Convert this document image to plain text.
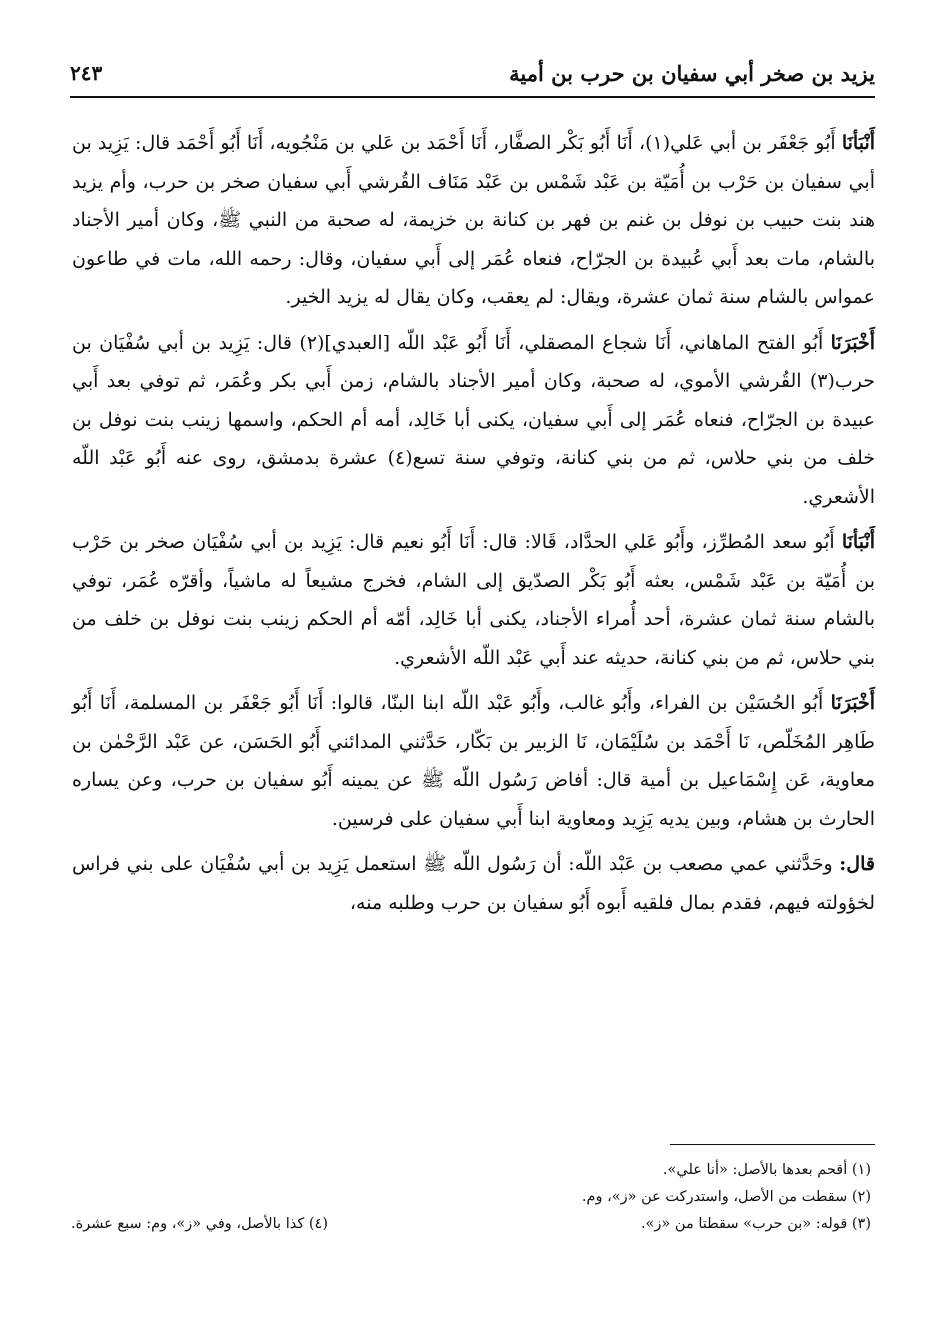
يزيد بن صخر أبي سفيان بن حرب بن أمية
٢٤٣

أَنْبَأنَاأَبُو جَعْفَر بن أبي عَلي(١)، أَنَا أَبُو بَكْر الصفَّار، أَنَا أَحْمَد بن عَلي بن مَنْجُويه، أَنَا أَبُو أَحْمَد قال: يَزِيد بن أبي سفيان بن حَرْب بن أُمَيّة بن عَبْد شَمْس بن عَبْد مَنَاف القُرشي أَبي سفيان صخر بن حرب، وأم يزيد هند بنت حبيب بن نوفل بن غنم بن فهر بن كنانة بن خزيمة، له صحبة من النبي ﷺ، وكان أمير الأجناد بالشام، مات بعد أَبي عُبيدة بن الجرّاح، فنعاه عُمَر إلى أَبي سفيان، وقال: رحمه الله، مات في طاعون عمواس بالشام سنة ثمان عشرة، ويقال: لم يعقب، وكان يقال له يزيد الخير.

أَخْبَرَنَاأَبُو الفتح الماهاني، أَنَا شجاع المصقلي، أَنَا أَبُو عَبْد اللّه [العبدي](٢) قال: يَزِيد بن أبي سُفْيَان بن حرب(٣) القُرشي الأموي، له صحبة، وكان أمير الأجناد بالشام، زمن أَبي بكر وعُمَر، ثم توفي بعد أَبي عبيدة بن الجرّاح، فنعاه عُمَر إلى أَبي سفيان، يكنى أبا خَالِد، أمه أم الحكم، واسمها زينب بنت نوفل بن خلف من بني حلاس، ثم من بني كنانة، وتوفي سنة تسع(٤) عشرة بدمشق، روى عنه أَبُو عَبْد اللّه الأشعري.

أَنْبَأنَاأَبُو سعد المُطرِّز، وأَبُو عَلي الحدَّاد، قَالا: قال: أَنَا أَبُو نعيم قال: يَزِيد بن أبي سُفْيَان صخر بن حَرْب بن أُمَيّة بن عَبْد شَمْس، بعثه أَبُو بَكْر الصدّيق إلى الشام، فخرج مشيعاً له ماشياً، وأقرّه عُمَر، توفي بالشام سنة ثمان عشرة، أحد أُمراء الأجناد، يكنى أبا خَالِد، أمّه أم الحكم زينب بنت نوفل بن خلف من بني حلاس، ثم من بني كنانة، حديثه عند أَبي عَبْد اللّه الأشعري.

أَخْبَرَنَاأَبُو الحُسَيْن بن الفراء، وأَبُو غالب، وأَبُو عَبْد اللّه ابنا البنّا، قالوا: أَنَا أَبُو جَعْفَر بن المسلمة، أَنَا أَبُو طَاهِر المُخَلّص، نَا أَحْمَد بن سُلَيْمَان، نَا الزبير بن بَكّار، حَدَّثني المدائني أَبُو الحَسَن، عن عَبْد الرَّحْمٰن بن معاوية، عَن إِسْمَاعيل بن أمية قال: أفاض رَسُول اللّه ﷺ عن يمينه أَبُو سفيان بن حرب، وعن يساره الحارث بن هشام، وبين يديه يَزِيد ومعاوية ابنا أَبي سفيان على فرسين.

قال:وحَدَّثني عمي مصعب بن عَبْد اللّه: أن رَسُول اللّه ﷺ استعمل يَزِيد بن أبي سُفْيَان على بني فراس لخؤولته فيهم، فقدم بمال فلقيه أَبوه أَبُو سفيان بن حرب وطلبه منه،

(١) أقحم بعدها بالأصل: «أنا علي».
(٢) سقطت من الأصل، واستدركت عن «ز»، وم.
(٣) قوله: «بن حرب» سقطتا من «ز».
(٤) كذا بالأصل، وفي «ز»، وم: سبع عشرة.
